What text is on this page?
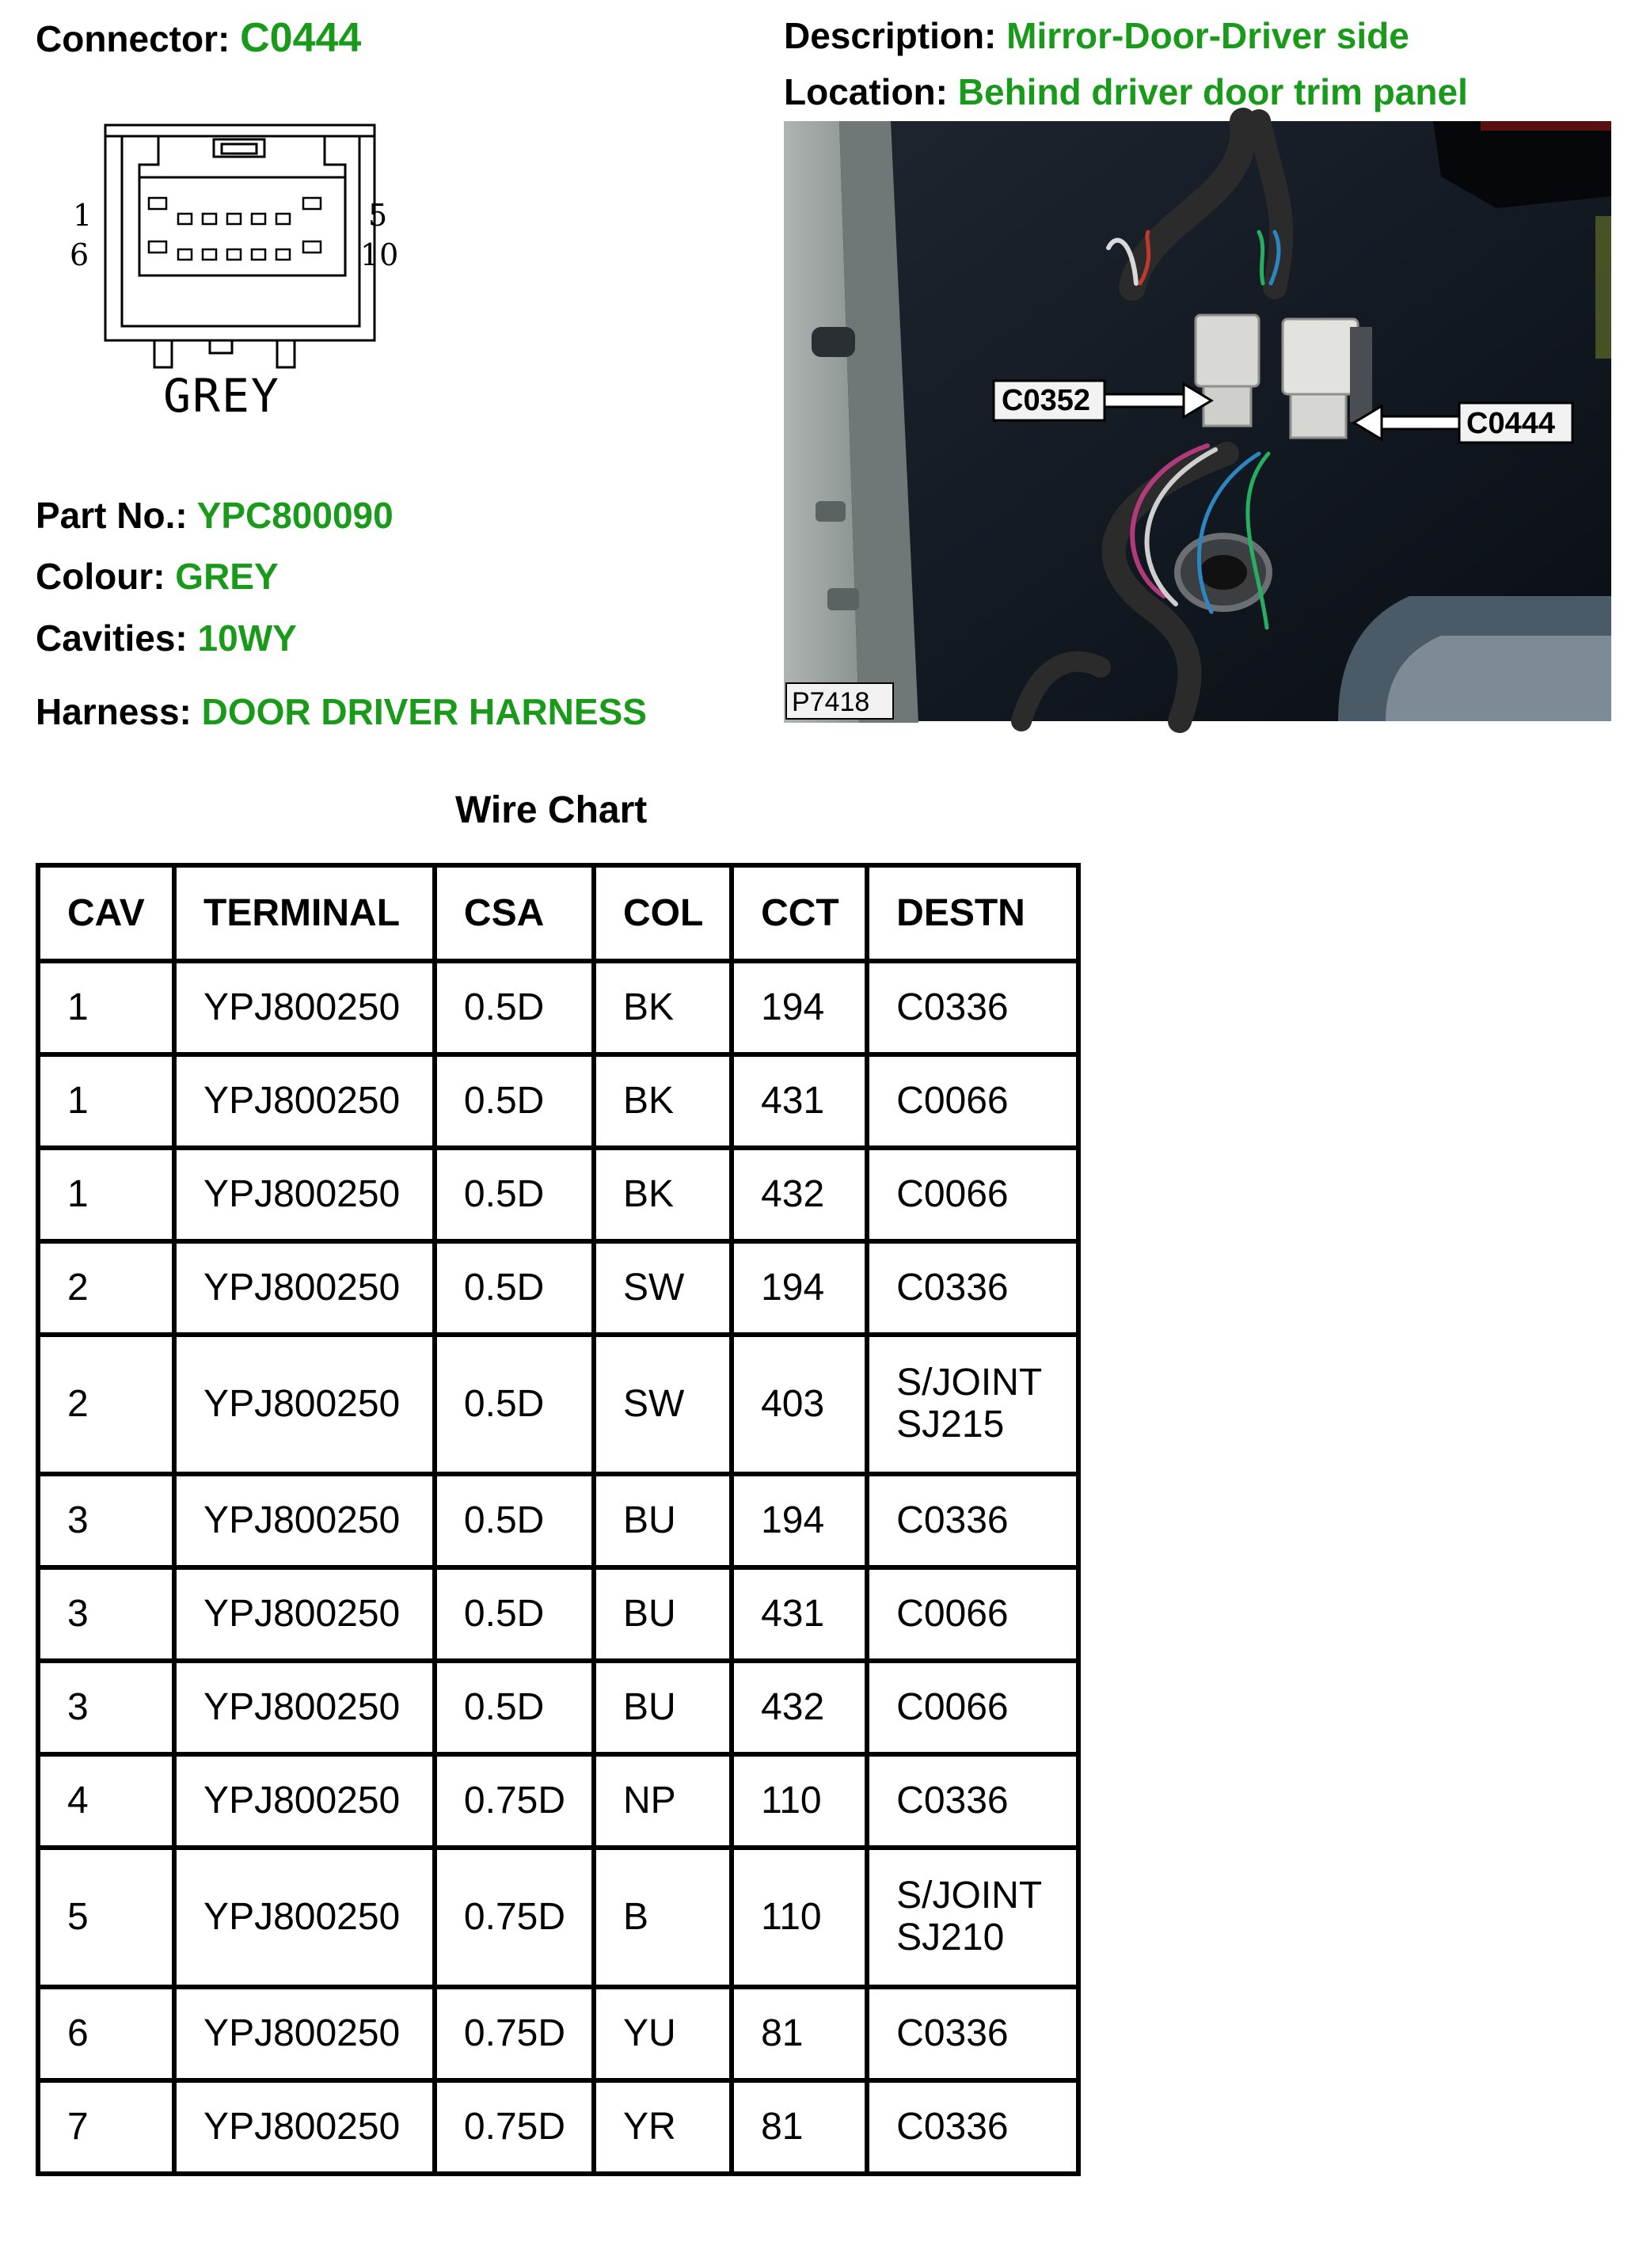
Connector: C0444	Description: Mirror-Door-Driver side
Location: Behind driver door trim panel
1
6
5
10
GREY
Part No.: YPC800090
Colour: GREY
Cavities: 10WY
Harness: DOOR DRIVER HARNESS
C0352
C0444
P7418
Wire Chart
CAV	TERMINAL	CSA	COL	CCT	DESTN
1	YPJ800250	0.5D	BK	194	C0336
1	YPJ800250	0.5D	BK	431	C0066
1	YPJ800250	0.5D	BK	432	C0066
2	YPJ800250	0.5D	SW	194	C0336
2	YPJ800250	0.5D	SW	403	S/JOINT
SJ215

3	YPJ800250	0.5D	BU	194	C0336
3	YPJ800250	0.5D	BU	431	C0066
3	YPJ800250	0.5D	BU	432	C0066
4	YPJ800250	0.75D	NP	110	C0336
5	YPJ800250	0.75D	B	110	S/JOINT
SJ210

6	YPJ800250	0.75D	YU	81	C0336
7	YPJ800250	0.75D	YR	81	C0336
